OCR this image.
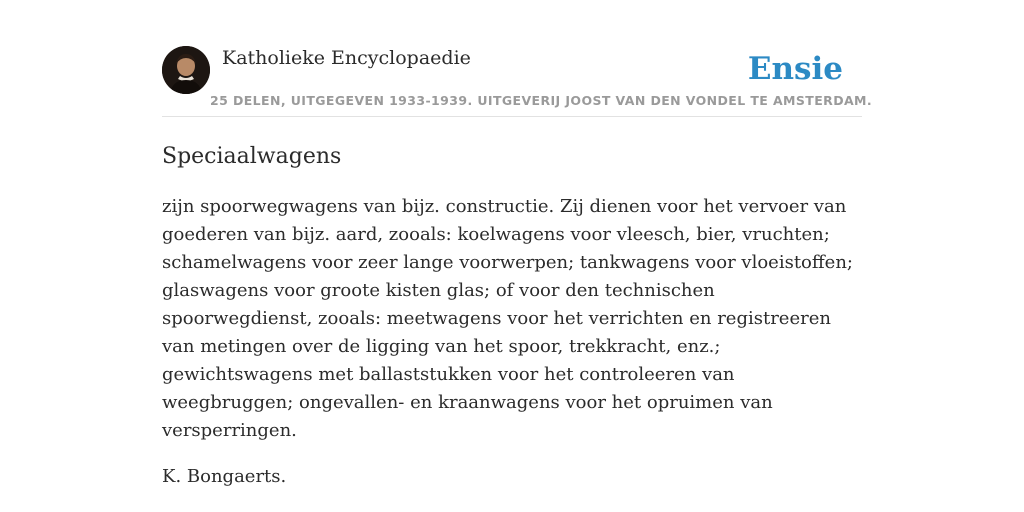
Katholieke Encyclopaedie
25 DELEN, UITGEGEVEN 1933-1939. UITGEVERIJ JOOST VAN DEN VONDEL TE AMSTERDAM.
Ensie
Speciaalwagens

zijn spoorwegwagens van bijz. constructie. Zij dienen voor het vervoer van goederen van bijz. aard, zooals: koelwagens voor vleesch, bier, vruchten; schamelwagens voor zeer lange voorwerpen; tankwagens voor vloeistoffen; glaswagens voor groote kisten glas; of voor den technischen spoorwegdienst, zooals: meetwagens voor het verrichten en registreeren van metingen over de ligging van het spoor, trekkracht, enz.; gewichtswagens met ballaststukken voor het controleeren van weegbruggen; ongevallen- en kraanwagens voor het opruimen van versperringen.

K. Bongaerts.
